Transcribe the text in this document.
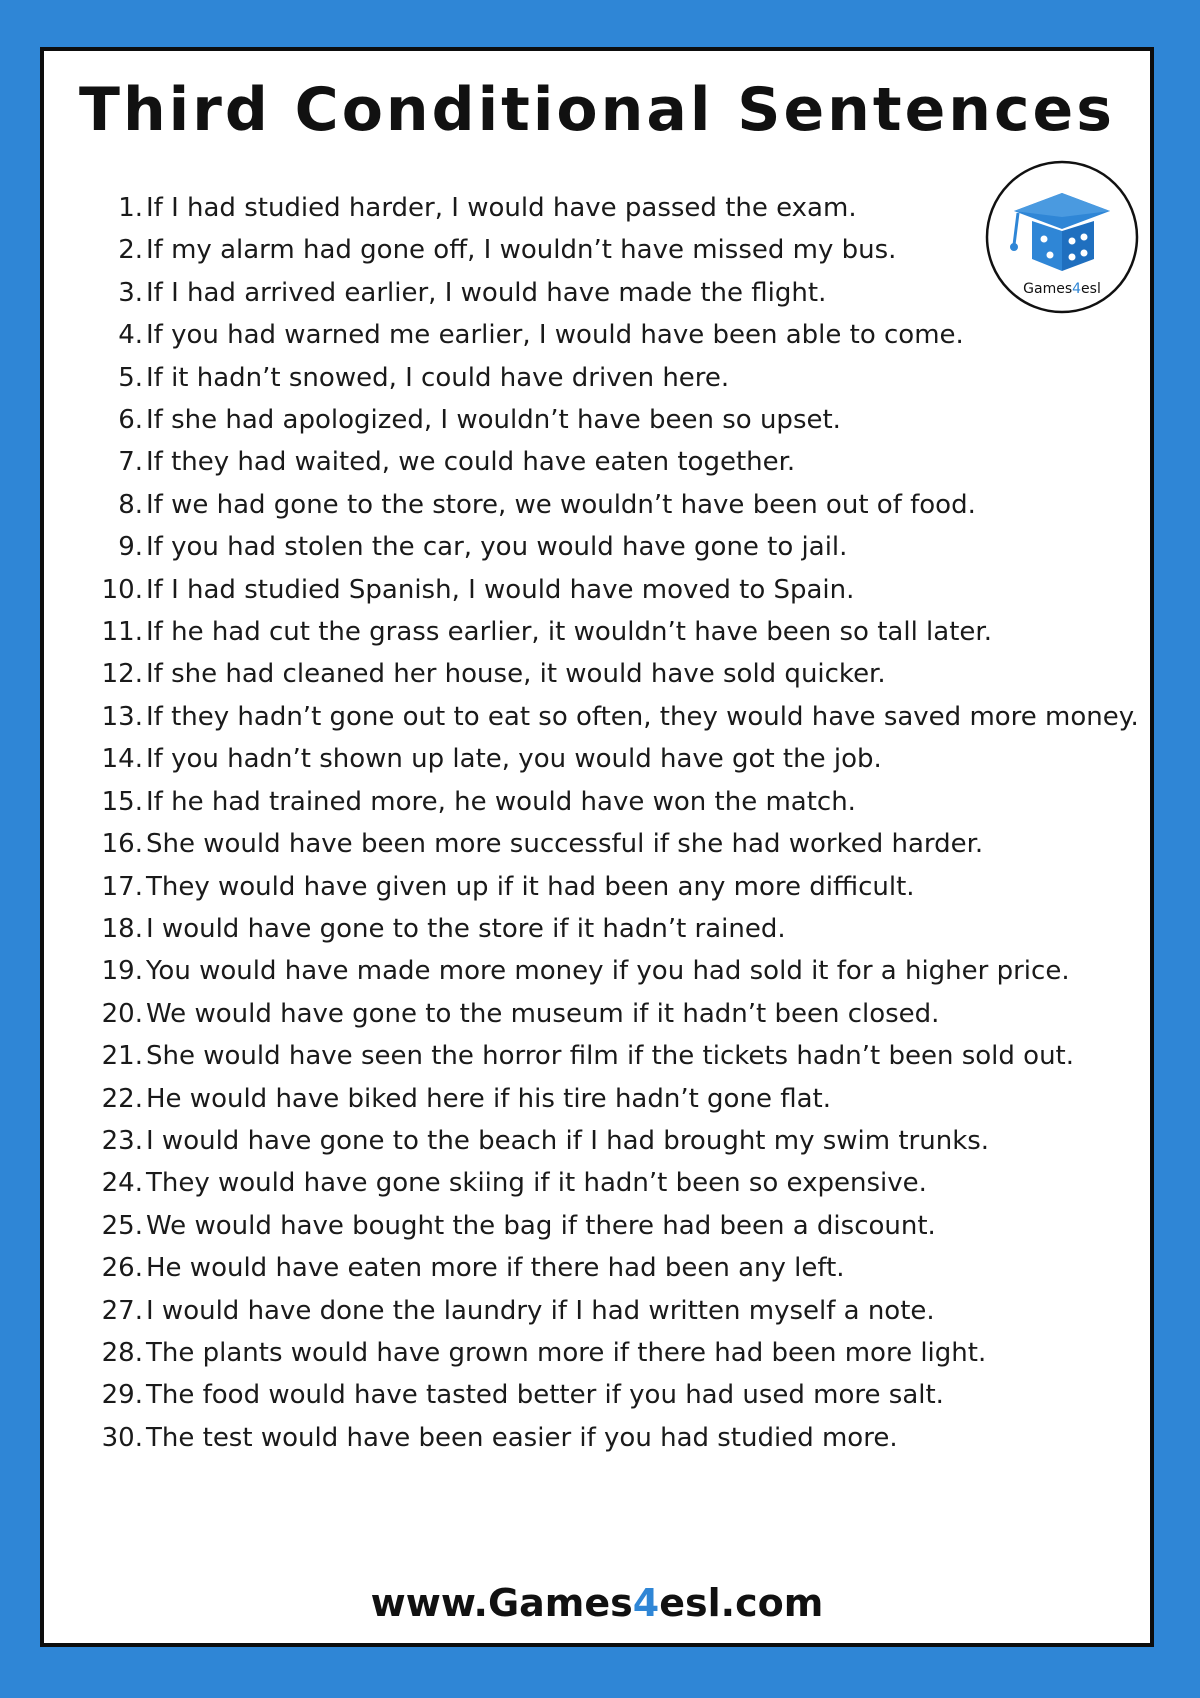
Third Conditional Sentences
Games4esl
1. If I had studied harder, I would have passed the exam.
2. If my alarm had gone off, I wouldn’t have missed my bus.
3. If I had arrived earlier, I would have made the flight.
4. If you had warned me earlier, I would have been able to come.
5. If it hadn’t snowed, I could have driven here.
6. If she had apologized, I wouldn’t have been so upset.
7. If they had waited, we could have eaten together.
8. If we had gone to the store, we wouldn’t have been out of food.
9. If you had stolen the car, you would have gone to jail.
10. If I had studied Spanish, I would have moved to Spain.
11. If he had cut the grass earlier, it wouldn’t have been so tall later.
12. If she had cleaned her house, it would have sold quicker.
13. If they hadn’t gone out to eat so often, they would have saved more money.
14. If you hadn’t shown up late, you would have got the job.
15. If he had trained more, he would have won the match.
16. She would have been more successful if she had worked harder.
17. They would have given up if it had been any more difficult.
18. I would have gone to the store if it hadn’t rained.
19. You would have made more money if you had sold it for a higher price.
20. We would have gone to the museum if it hadn’t been closed.
21. She would have seen the horror film if the tickets hadn’t been sold out.
22. He would have biked here if his tire hadn’t gone flat.
23. I would have gone to the beach if I had brought my swim trunks.
24. They would have gone skiing if it hadn’t been so expensive.
25. We would have bought the bag if there had been a discount.
26. He would have eaten more if there had been any left.
27. I would have done the laundry if I had written myself a note.
28. The plants would have grown more if there had been more light.
29. The food would have tasted better if you had used more salt.
30. The test would have been easier if you had studied more.
www.Games4esl.com
